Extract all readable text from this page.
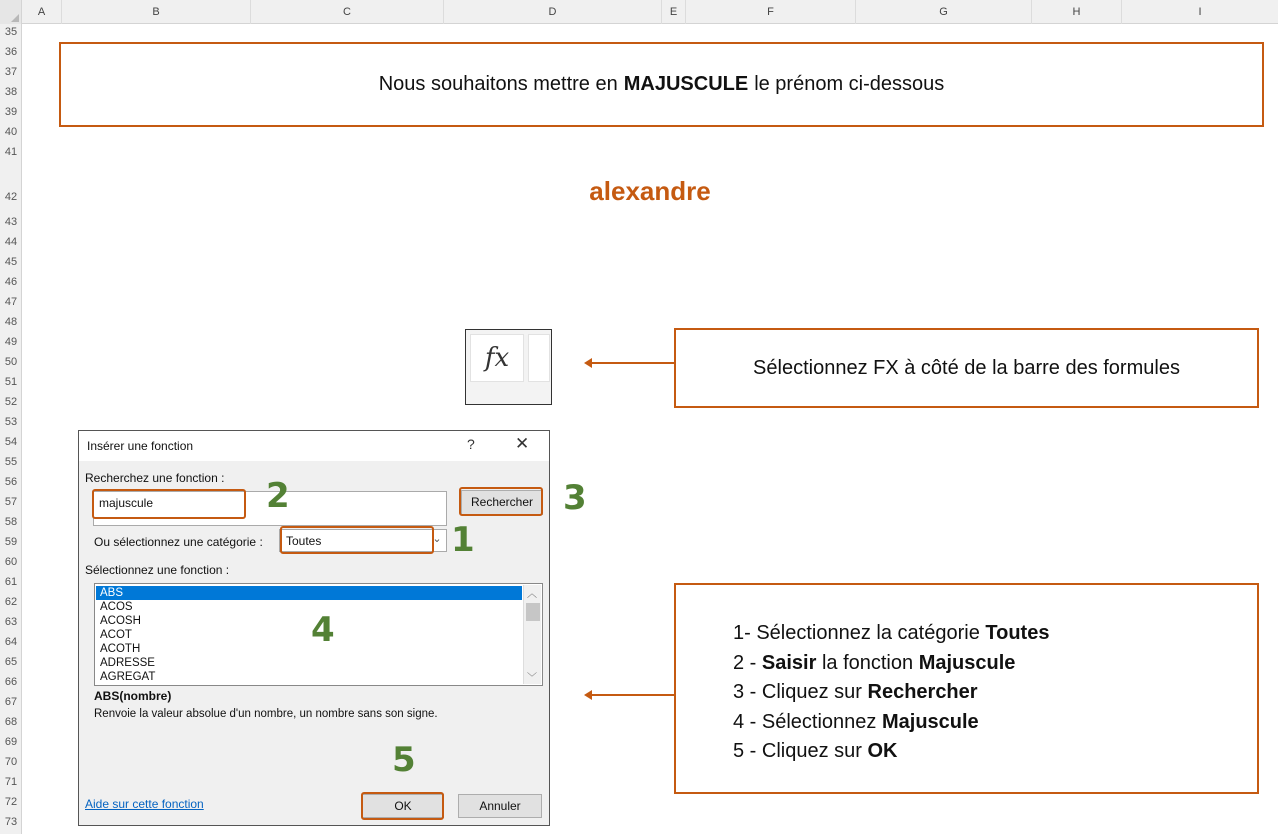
A	B	C	D	E	F	G	H	I
35
36
37
38
39
40
41
42
43
44
45
46
47
48
49
50
51
52
53
54
55
56
57
58
59
60
61
62
63
64
65
66
67
68
69
70
71
72
73
Nous souhaitons mettre en MAJUSCULE le prénom ci-dessous
alexandre
fx	Sélectionnez FX à côté de la barre des formules
Insérer une fonction	? ✕
Recherchez une fonction :
majuscule	Rechercher
Ou sélectionnez une catégorie : Toutes	⌄
Sélectionnez une fonction :
ABS
ACOS
ACOSH
ACOT
ACOTH
ADRESSE
AGREGAT
︿
﹀
ABS(nombre)
Renvoie la valeur absolue d'un nombre, un nombre sans son signe.
Aide sur cette fonction	OK	Annuler
2
1
3
4
5
1- Sélectionnez la catégorie Toutes
2 - Saisir la fonction Majuscule
3 - Cliquez sur Rechercher
4 - Sélectionnez Majuscule
5 - Cliquez sur OK
